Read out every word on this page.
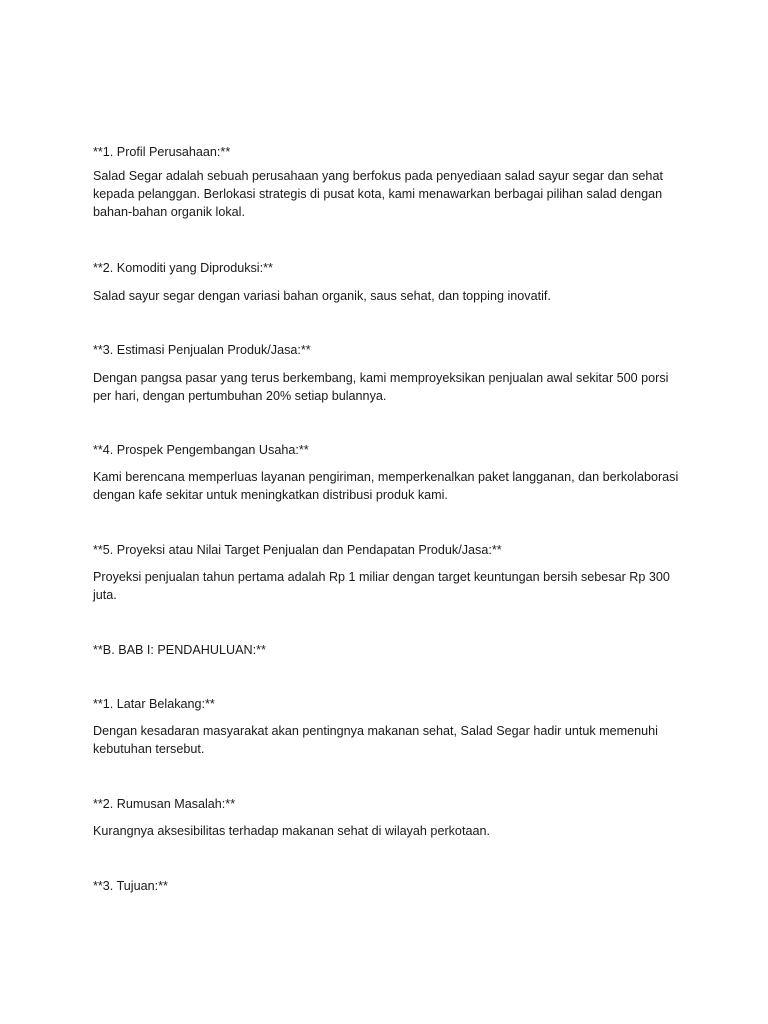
**1. Profil Perusahaan:**
Salad Segar adalah sebuah perusahaan yang berfokus pada penyediaan salad sayur segar dan sehat kepada pelanggan. Berlokasi strategis di pusat kota, kami menawarkan berbagai pilihan salad dengan bahan-bahan organik lokal.
**2. Komoditi yang Diproduksi:**
Salad sayur segar dengan variasi bahan organik, saus sehat, dan topping inovatif.
**3. Estimasi Penjualan Produk/Jasa:**
Dengan pangsa pasar yang terus berkembang, kami memproyeksikan penjualan awal sekitar 500 porsi per hari, dengan pertumbuhan 20% setiap bulannya.
**4. Prospek Pengembangan Usaha:**
Kami berencana memperluas layanan pengiriman, memperkenalkan paket langganan, dan berkolaborasi dengan kafe sekitar untuk meningkatkan distribusi produk kami.
**5. Proyeksi atau Nilai Target Penjualan dan Pendapatan Produk/Jasa:**
Proyeksi penjualan tahun pertama adalah Rp 1 miliar dengan target keuntungan bersih sebesar Rp 300 juta.
**B. BAB I: PENDAHULUAN:**
**1. Latar Belakang:**
Dengan kesadaran masyarakat akan pentingnya makanan sehat, Salad Segar hadir untuk memenuhi kebutuhan tersebut.
**2. Rumusan Masalah:**
Kurangnya aksesibilitas terhadap makanan sehat di wilayah perkotaan.
**3. Tujuan:**
